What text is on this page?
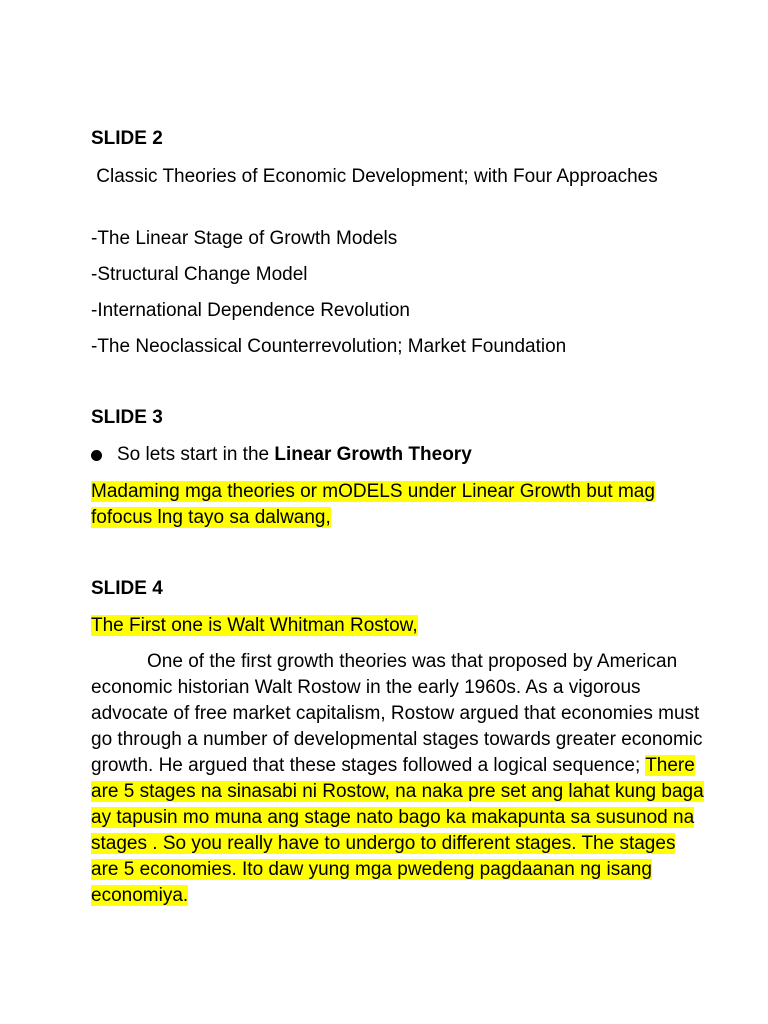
SLIDE 2

Classic Theories of Economic Development; with Four Approaches

-The Linear Stage of Growth Models

-Structural Change Model

-International Dependence Revolution

-The Neoclassical Counterrevolution; Market Foundation

SLIDE 3

So lets start in the Linear Growth Theory

Madaming mga theories or mODELS under Linear Growth but mag fofocus lng tayo sa dalwang,

SLIDE 4

The First one is Walt Whitman Rostow,

One of the first growth theories was that proposed by American economic historian Walt Rostow in the early 1960s. As a vigorous advocate of free market capitalism, Rostow argued that economies must go through a number of developmental stages towards greater economic growth. He argued that these stages followed a logical sequence; There are 5 stages na sinasabi ni Rostow, na naka pre set ang lahat kung baga ay tapusin mo muna ang stage nato bago ka makapunta sa susunod na stages . So you really have to undergo to different stages. The stages are 5 economies. Ito daw yung mga pwedeng pagdaanan ng isang economiya.
